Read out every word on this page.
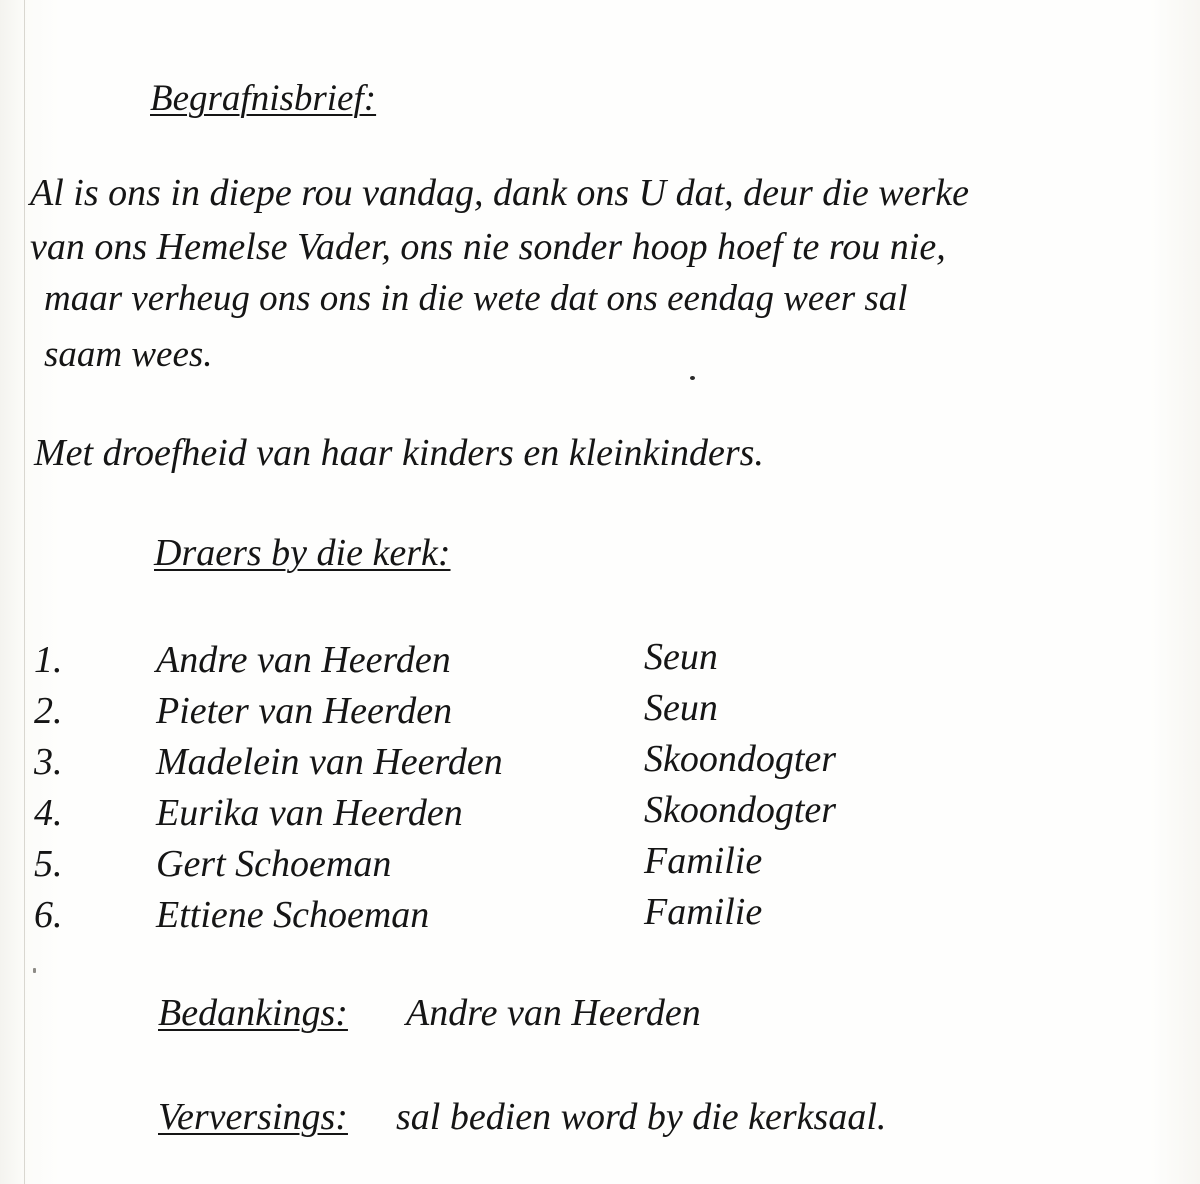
Begrafnisbrief:
Al is ons in diepe rou vandag, dank ons U dat, deur die werke
van ons Hemelse Vader, ons nie sonder hoop hoef te rou nie,
maar verheug ons ons in die wete dat ons eendag weer sal
saam wees.
Met droefheid van haar kinders en kleinkinders.
Draers by die kerk:
1. Andre van Heerden	Seun
2. Pieter van Heerden	Seun
3. Madelein van Heerden	Skoondogter
4. Eurika van Heerden	Skoondogter
5. Gert Schoeman	Familie
6. Ettiene Schoeman	Familie
Bedankings: Andre van Heerden
Verversings: sal bedien word by die kerksaal.
